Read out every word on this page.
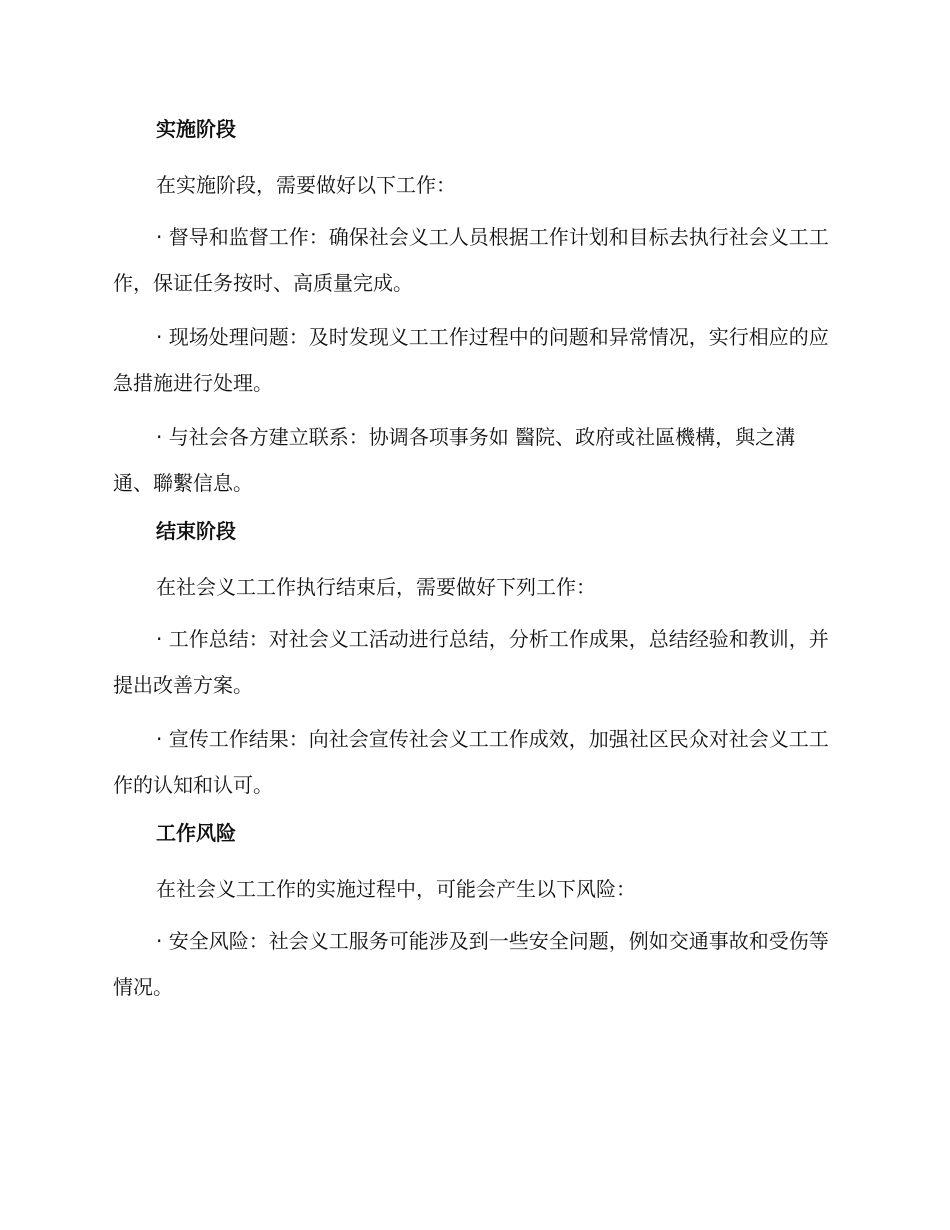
实施阶段

在实施阶段，需要做好以下工作：

· 督导和监督工作：确保社会义工人员根据工作计划和目标去执行社会义工工作，保证任务按时、高质量完成。

· 现场处理问题：及时发现义工工作过程中的问题和异常情况，实行相应的应急措施进行处理。

· 与社会各方建立联系：协调各项事务如 醫院、政府或社區機構，與之溝通、聯繫信息。

结束阶段

在社会义工工作执行结束后，需要做好下列工作：

· 工作总结：对社会义工活动进行总结，分析工作成果，总结经验和教训，并提出改善方案。

· 宣传工作结果：向社会宣传社会义工工作成效，加强社区民众对社会义工工作的认知和认可。

工作风险

在社会义工工作的实施过程中，可能会产生以下风险：

· 安全风险：社会义工服务可能涉及到一些安全问题，例如交通事故和受伤等情况。
